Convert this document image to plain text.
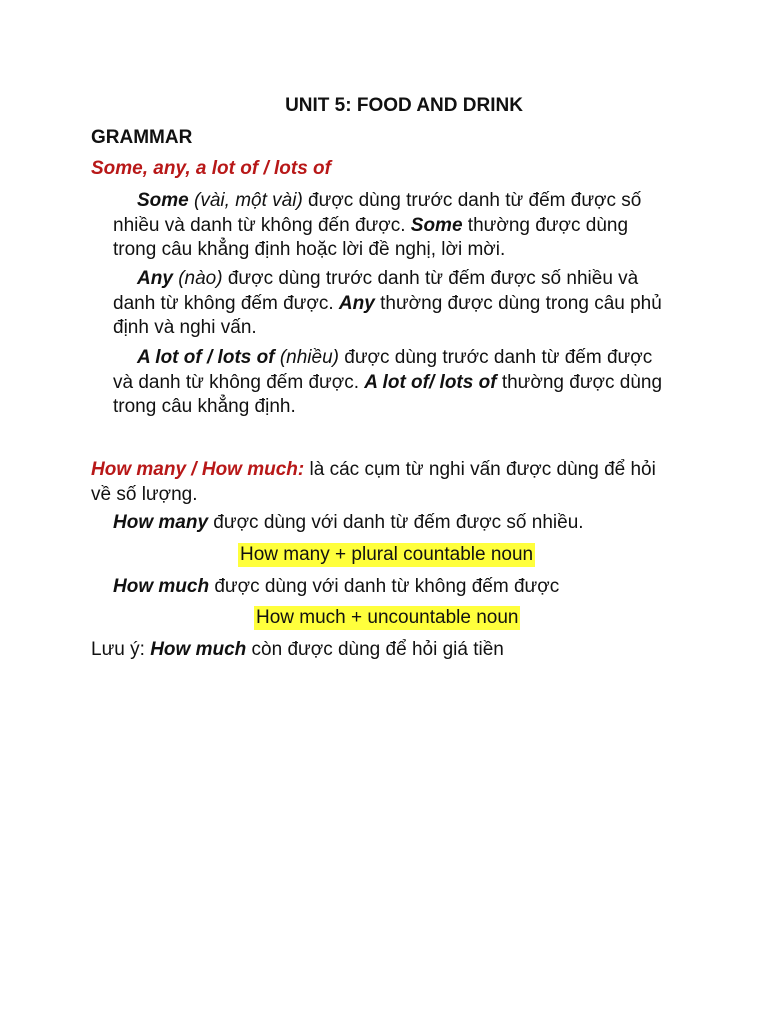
UNIT 5: FOOD AND DRINK
GRAMMAR
Some, any, a lot of / lots of
Some (vài, một vài) được dùng trước danh từ đếm được số nhiều và danh từ không đến được. Some thường được dùng trong câu khẳng định hoặc lời đề nghị, lời mời.
Any (nào) được dùng trước danh từ đếm được số nhiều và danh từ không đếm được. Any thường được dùng trong câu phủ định và nghi vấn.
A lot of / lots of (nhiều) được dùng trước danh từ đếm được và danh từ không đếm được. A lot of/ lots of thường được dùng trong câu khẳng định.
How many / How much: là các cụm từ nghi vấn được dùng để hỏi về số lượng.
How many được dùng với danh từ đếm được số nhiều.
How many + plural countable noun
How much được dùng với danh từ không đếm được
How much + uncountable noun
Lưu ý: How much còn được dùng để hỏi giá tiền
